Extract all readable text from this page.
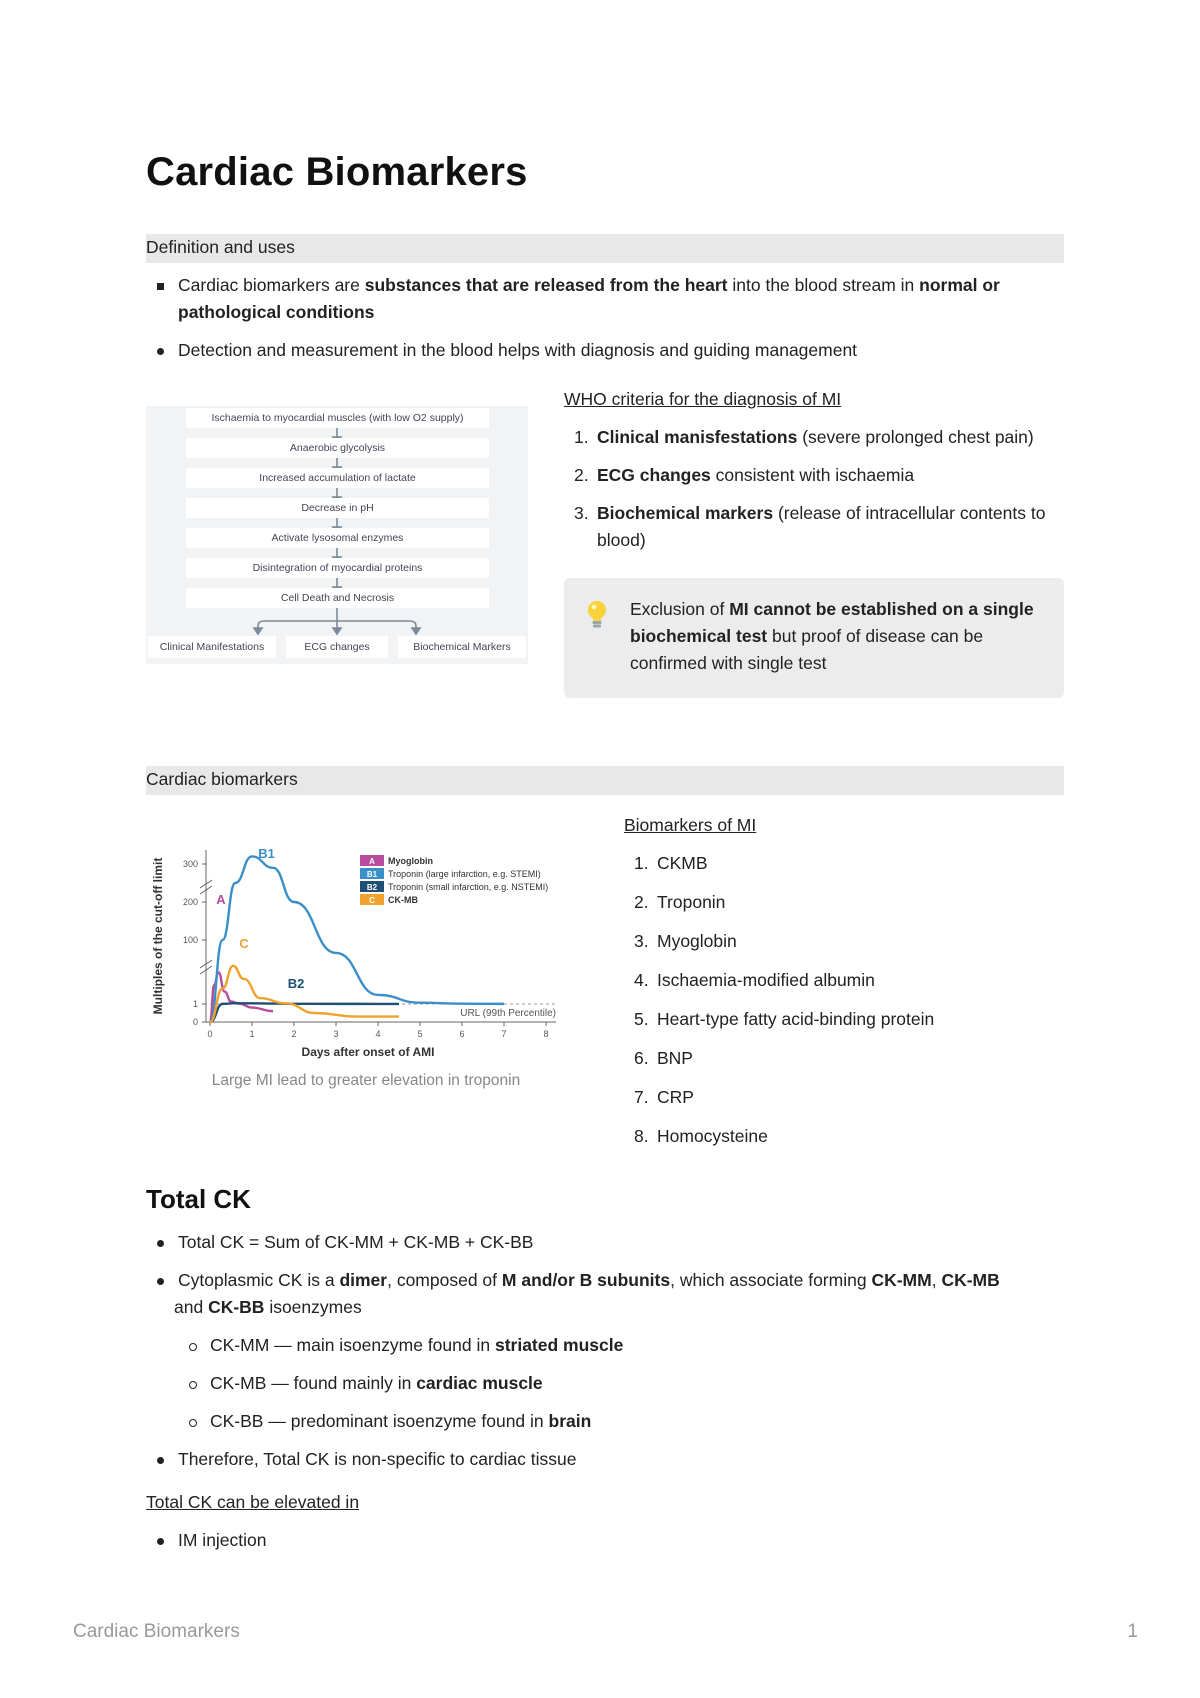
Cardiac Biomarkers
Definition and uses
Cardiac biomarkers are substances that are released from the heart into the blood stream in normal or pathological conditions
Detection and measurement in the blood helps with diagnosis and guiding management
Ischaemia to myocardial muscles (with low O2 supply)
Anaerobic glycolysis
Increased accumulation of lactate
Decrease in pH
Activate lysosomal enzymes
Disintegration of myocardial proteins
Cell Death and Necrosis
Clinical Manifestations	ECG changes	Biochemical Markers
WHO criteria for the diagnosis of MI
1. Clinical manisfestations (severe prolonged chest pain)
2. ECG changes consistent with ischaemia
3. Biochemical markers (release of intracellular contents to blood)
Exclusion of MI cannot be established on a single biochemical test but proof of disease can be confirmed with single test
Cardiac biomarkers
0
1
100
200
300
0	1	2	3	4	5	6	7	8
URL (99th Percentile)
Days after onset of AMI
Multiples of the cut-off limit	A
B1
B2
C
A Myoglobin
B1 Troponin (large infarction, e.g. STEMI)
B2 Troponin (small infarction, e.g. NSTEMI)
C CK-MB
Large MI lead to greater elevation in troponin
Biomarkers of MI
1. CKMB
2. Troponin
3. Myoglobin
4. Ischaemia-modified albumin
5. Heart-type fatty acid-binding protein
6. BNP
7. CRP
8. Homocysteine
Total CK
Total CK = Sum of CK-MM + CK-MB + CK-BB
Cytoplasmic CK is a dimer, composed of M and/or B subunits, which associate forming CK-MM, CK-MB
and CK-BB isoenzymes
CK-MM — main isoenzyme found in striated muscle
CK-MB — found mainly in cardiac muscle
CK-BB — predominant isoenzyme found in brain
Therefore, Total CK is non-specific to cardiac tissue
Total CK can be elevated in
IM injection
Cardiac Biomarkers	1
